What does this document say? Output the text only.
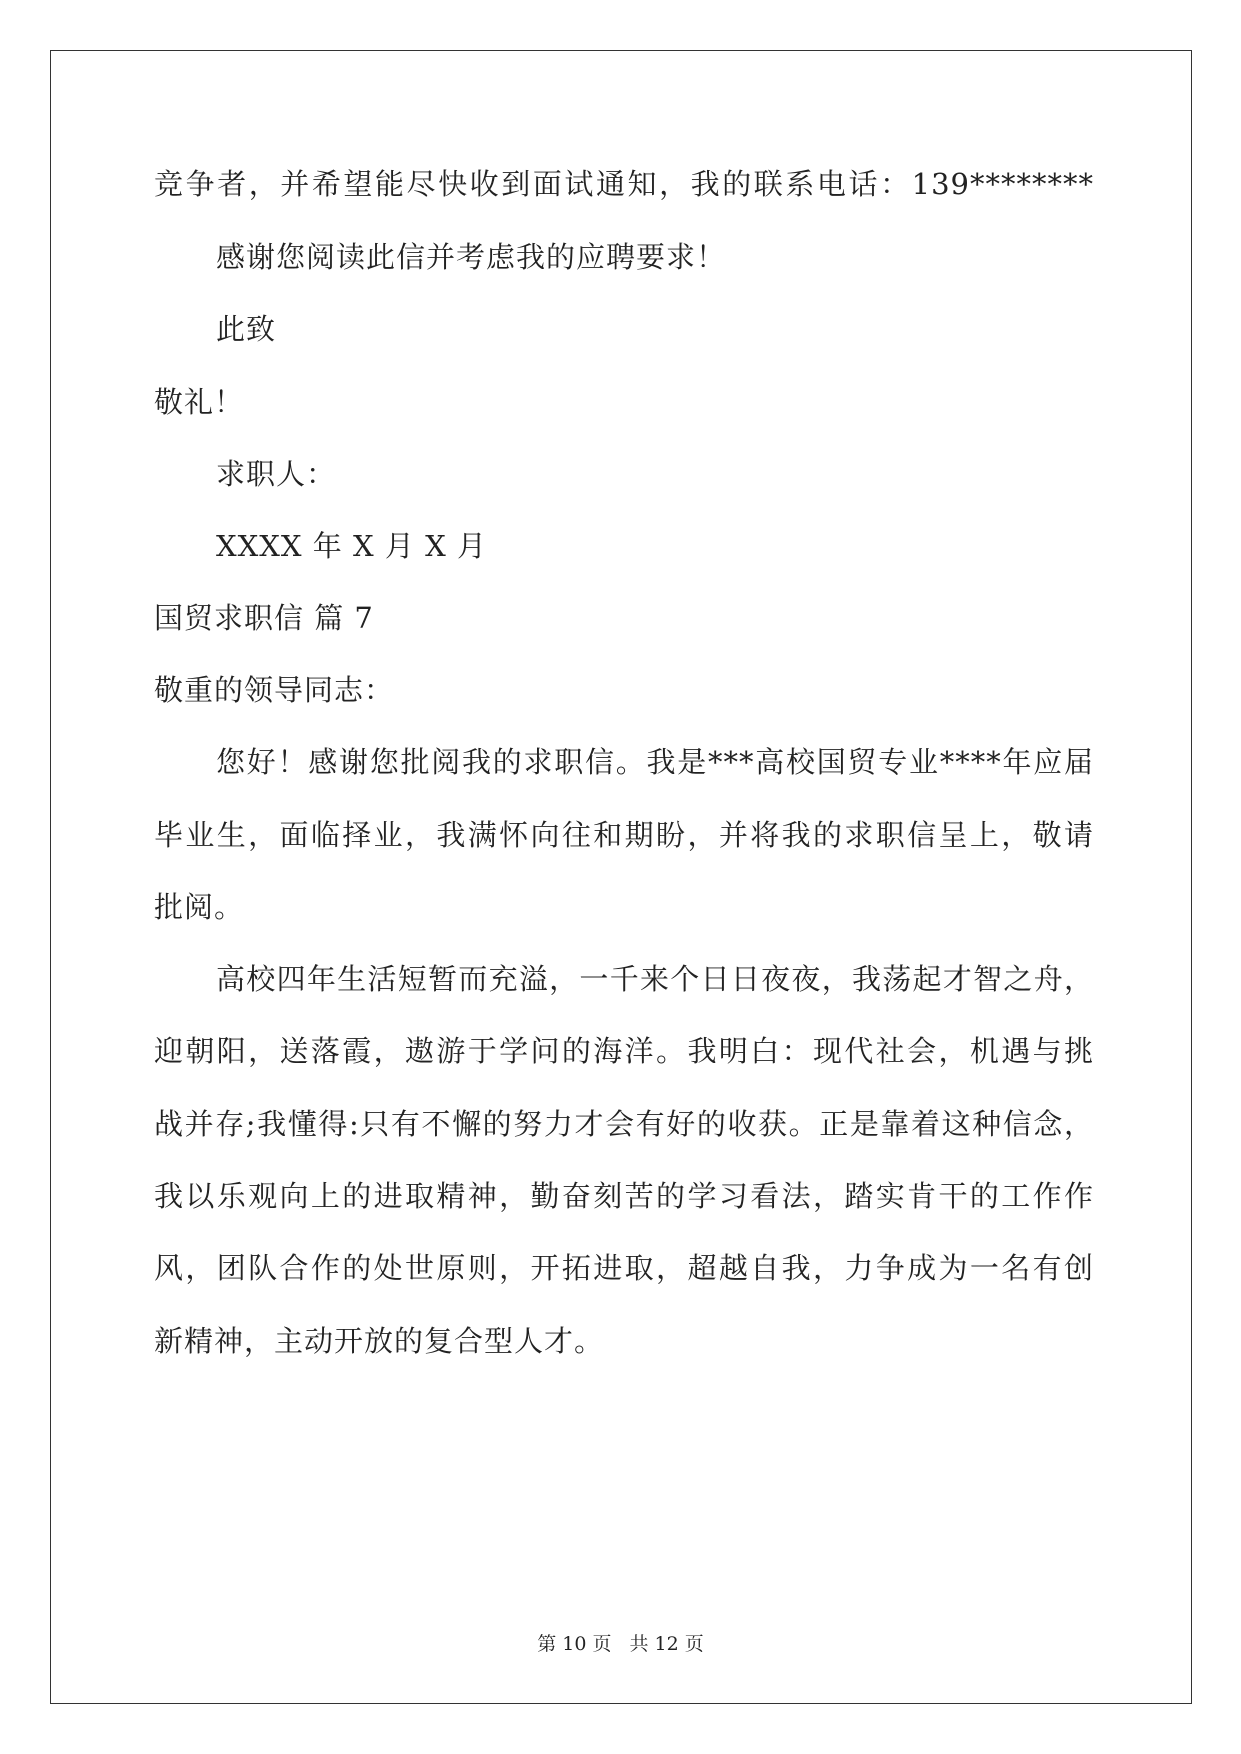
竞争者，并希望能尽快收到面试通知，我的联系电话：139********
感谢您阅读此信并考虑我的应聘要求！
此致
敬礼！
求职人：
XXXX 年 X 月 X 月
国贸求职信 篇 7
敬重的领导同志：
您好！感谢您批阅我的求职信。我是***高校国贸专业****年应届
毕业生，面临择业，我满怀向往和期盼，并将我的求职信呈上，敬请
批阅。
高校四年生活短暂而充溢，一千来个日日夜夜，我荡起才智之舟，
迎朝阳，送落霞，遨游于学问的海洋。我明白：现代社会，机遇与挑
战并存;我懂得:只有不懈的努力才会有好的收获。正是靠着这种信念，
我以乐观向上的进取精神，勤奋刻苦的学习看法，踏实肯干的工作作
风，团队合作的处世原则，开拓进取，超越自我，力争成为一名有创
新精神，主动开放的复合型人才。
第 10 页 共 12 页
